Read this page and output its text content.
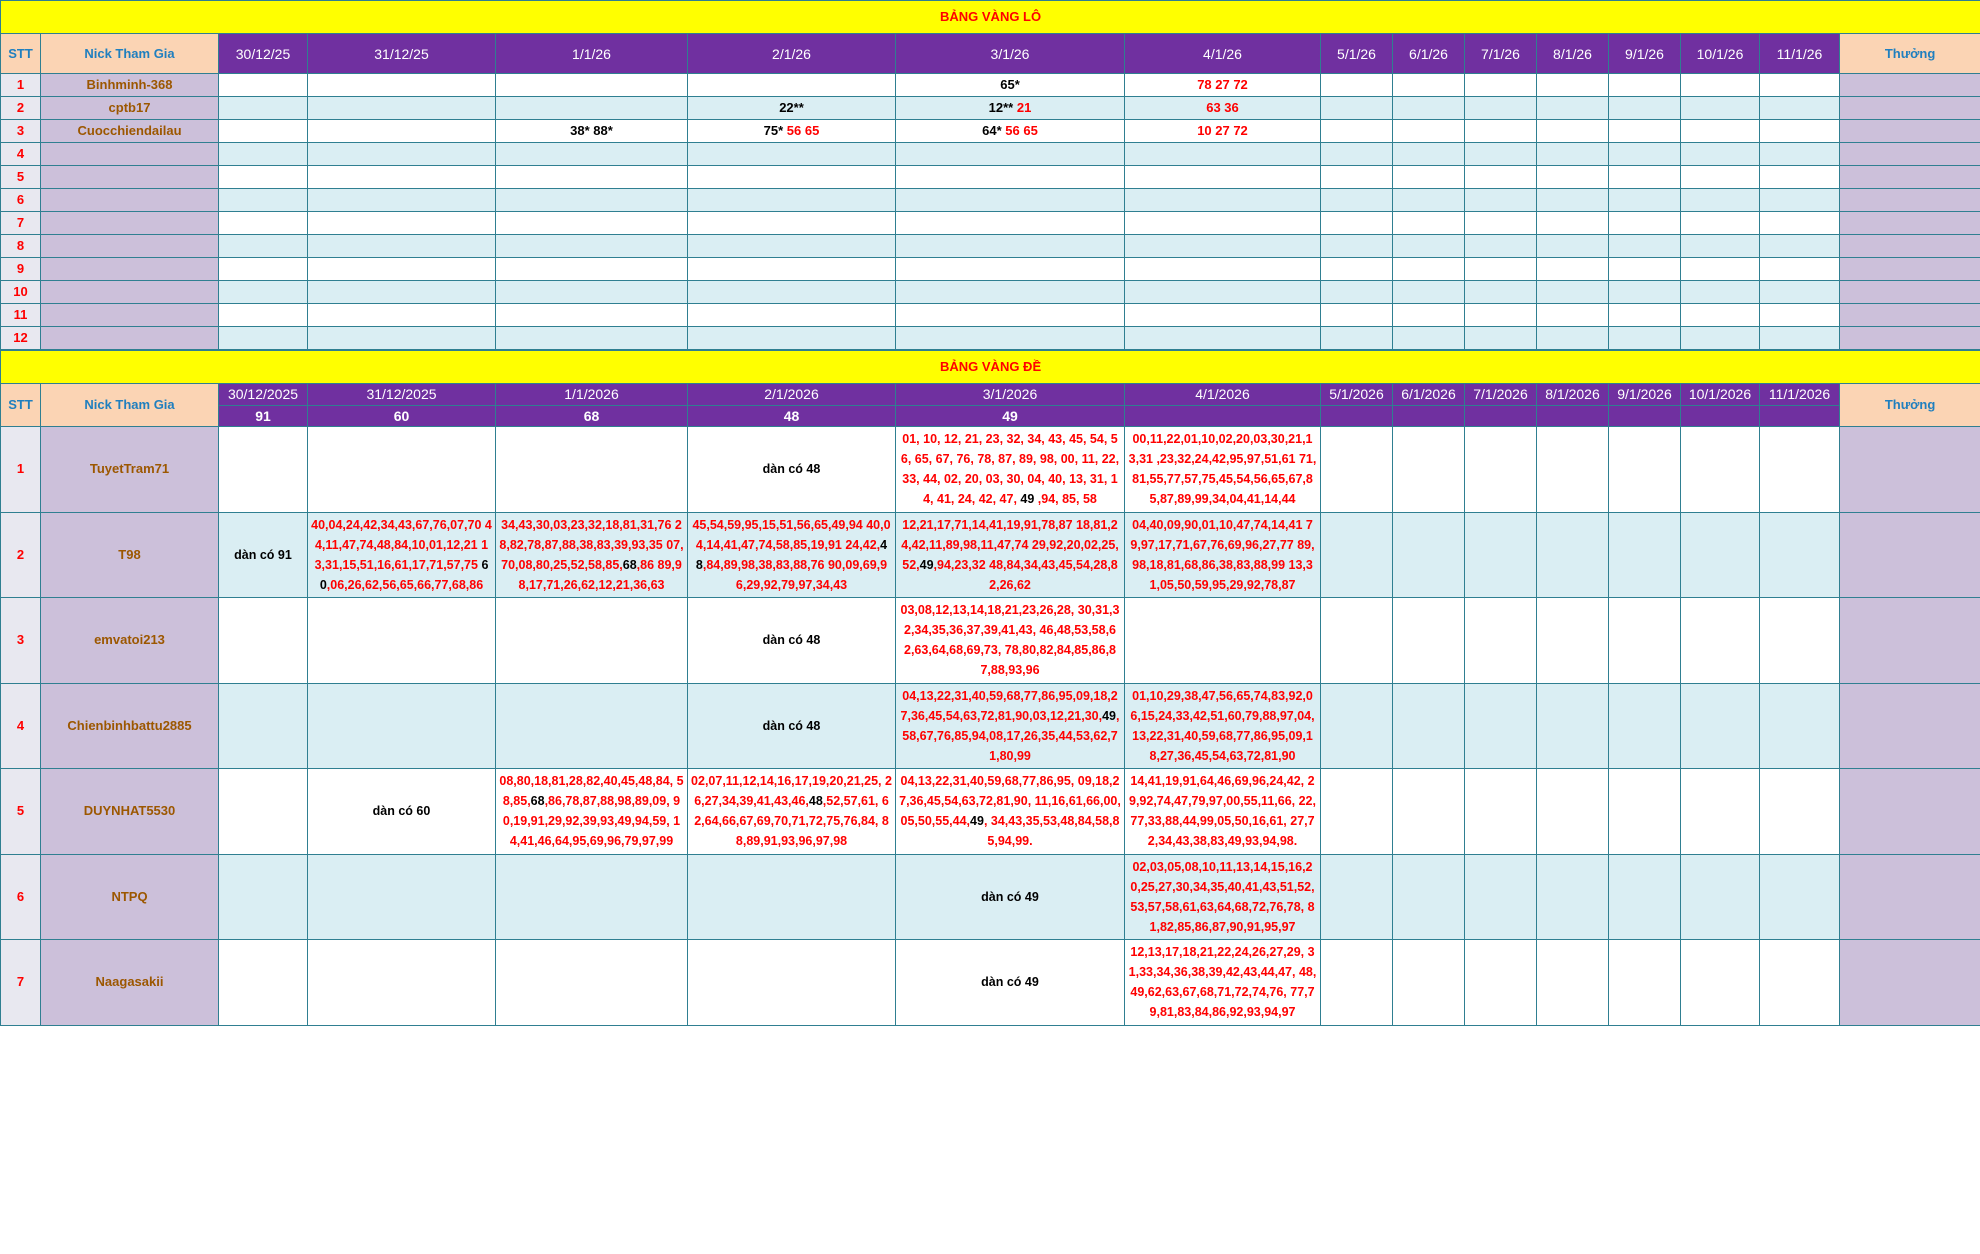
BẢNG VÀNG LÔ															
STT	Nick Tham Gia	30/12/25	31/12/25	1/1/26	2/1/26	3/1/26	4/1/26	5/1/26	6/1/26	7/1/26	8/1/26	9/1/26	10/1/26	11/1/26	Thưởng
1	Binhminh-368					65*	78 27 72								
2	cptb17				22**	12** 21	63 36								
3	Cuocchiendailau			38* 88*	75* 56 65	64* 56 65	10 27 72								
4															
5															
6															
7															
8															
9															
10															
11															
12															
BẢNG VÀNG ĐỀ															
STT	Nick Tham Gia	30/12/2025	31/12/2025	1/1/2026	2/1/2026	3/1/2026	4/1/2026	5/1/2026	6/1/2026	7/1/2026	8/1/2026	9/1/2026	10/1/2026	11/1/2026	Thưởng
		91	60	68	48	49									
1	TuyetTram71				dàn có 48	01, 10, 12, 21, 23, 32, 34, 43, 45, 54, 56, 65, 67, 76, 78, 87, 89, 98, 00, 11, 22, 33, 44, 02, 20, 03, 30, 04, 40, 13, 31, 14, 41, 24, 42, 47, 49 ,94, 85, 58	00,11,22,01,10,02,20,03,30,21,13,31 ,23,32,24,42,95,97,51,61 71,81,55,77,57,75,45,54,56,65,67,85,87,89,99,34,04,41,14,44								
2	T98	dàn có 91	40,04,24,42,34,43,67,76,07,70 44,11,47,74,48,84,10,01,12,21 13,31,15,51,16,61,17,71,57,75 60,06,26,62,56,65,66,77,68,86	34,43,30,03,23,32,18,81,31,76 28,82,78,87,88,38,83,39,93,35 07,70,08,80,25,52,58,85,68,86 89,98,17,71,26,62,12,21,36,63	45,54,59,95,15,51,56,65,49,94 40,04,14,41,47,74,58,85,19,91 24,42,48,84,89,98,38,83,88,76 90,09,69,96,29,92,79,97,34,43	12,21,17,71,14,41,19,91,78,87 18,81,24,42,11,89,98,11,47,74 29,92,20,02,25,52,49,94,23,32 48,84,34,43,45,54,28,82,26,62	04,40,09,90,01,10,47,74,14,41 79,97,17,71,67,76,69,96,27,77 89,98,18,81,68,86,38,83,88,99 13,31,05,50,59,95,29,92,78,87								
3	emvatoi213				dàn có 48	03,08,12,13,14,18,21,23,26,28, 30,31,32,34,35,36,37,39,41,43, 46,48,53,58,62,63,64,68,69,73, 78,80,82,84,85,86,87,88,93,96									
4	Chienbinhbattu2885				dàn có 48	04,13,22,31,40,59,68,77,86,95,09,18,27,36,45,54,63,72,81,90,03,12,21,30,49,58,67,76,85,94,08,17,26,35,44,53,62,71,80,99	01,10,29,38,47,56,65,74,83,92,06,15,24,33,42,51,60,79,88,97,04,13,22,31,40,59,68,77,86,95,09,18,27,36,45,54,63,72,81,90								
5	DUYNHAT5530		dàn có 60	08,80,18,81,28,82,40,45,48,84, 58,85,68,86,78,87,88,98,89,09, 90,19,91,29,92,39,93,49,94,59, 14,41,46,64,95,69,96,79,97,99	02,07,11,12,14,16,17,19,20,21,25, 26,27,34,39,41,43,46,48,52,57,61, 62,64,66,67,69,70,71,72,75,76,84, 88,89,91,93,96,97,98	04,13,22,31,40,59,68,77,86,95, 09,18,27,36,45,54,63,72,81,90, 11,16,61,66,00,05,50,55,44,49, 34,43,35,53,48,84,58,85,94,99.	14,41,19,91,64,46,69,96,24,42, 29,92,74,47,79,97,00,55,11,66, 22,77,33,88,44,99,05,50,16,61, 27,72,34,43,38,83,49,93,94,98.								
6	NTPQ					dàn có 49	02,03,05,08,10,11,13,14,15,16,20,25,27,30,34,35,40,41,43,51,52,53,57,58,61,63,64,68,72,76,78, 81,82,85,86,87,90,91,95,97								
7	Naagasakii					dàn có 49	12,13,17,18,21,22,24,26,27,29, 31,33,34,36,38,39,42,43,44,47, 48,49,62,63,67,68,71,72,74,76, 77,79,81,83,84,86,92,93,94,97								
